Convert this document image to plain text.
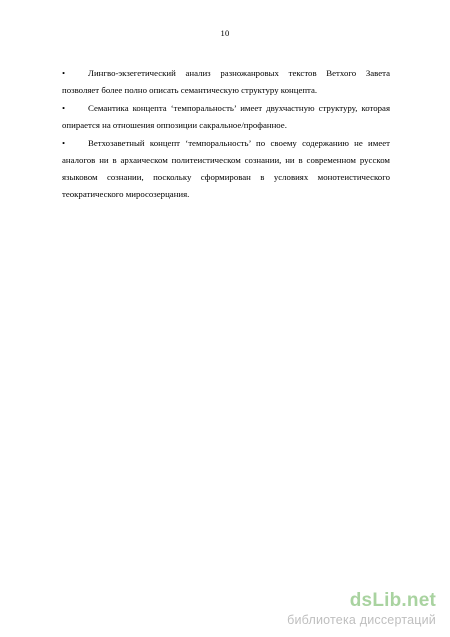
10

•	Лингво-экзегетический анализ разножанровых текстов Ветхого Завета позволяет более полно описать семантическую структуру концепта.

•	Семантика концепта ‘темпоральность’ имеет двухчастную структуру, которая опирается на отношения оппозиции сакральное/профанное.

•	Ветхозаветный концепт ‘темпоральность’ по своему содержанию не имеет аналогов ни в архаическом политеистическом сознании, ни в современном русском языковом сознании, поскольку сформирован в условиях монотеистического теократического миросозерцания.

dsLib.net
библиотека диссертаций
